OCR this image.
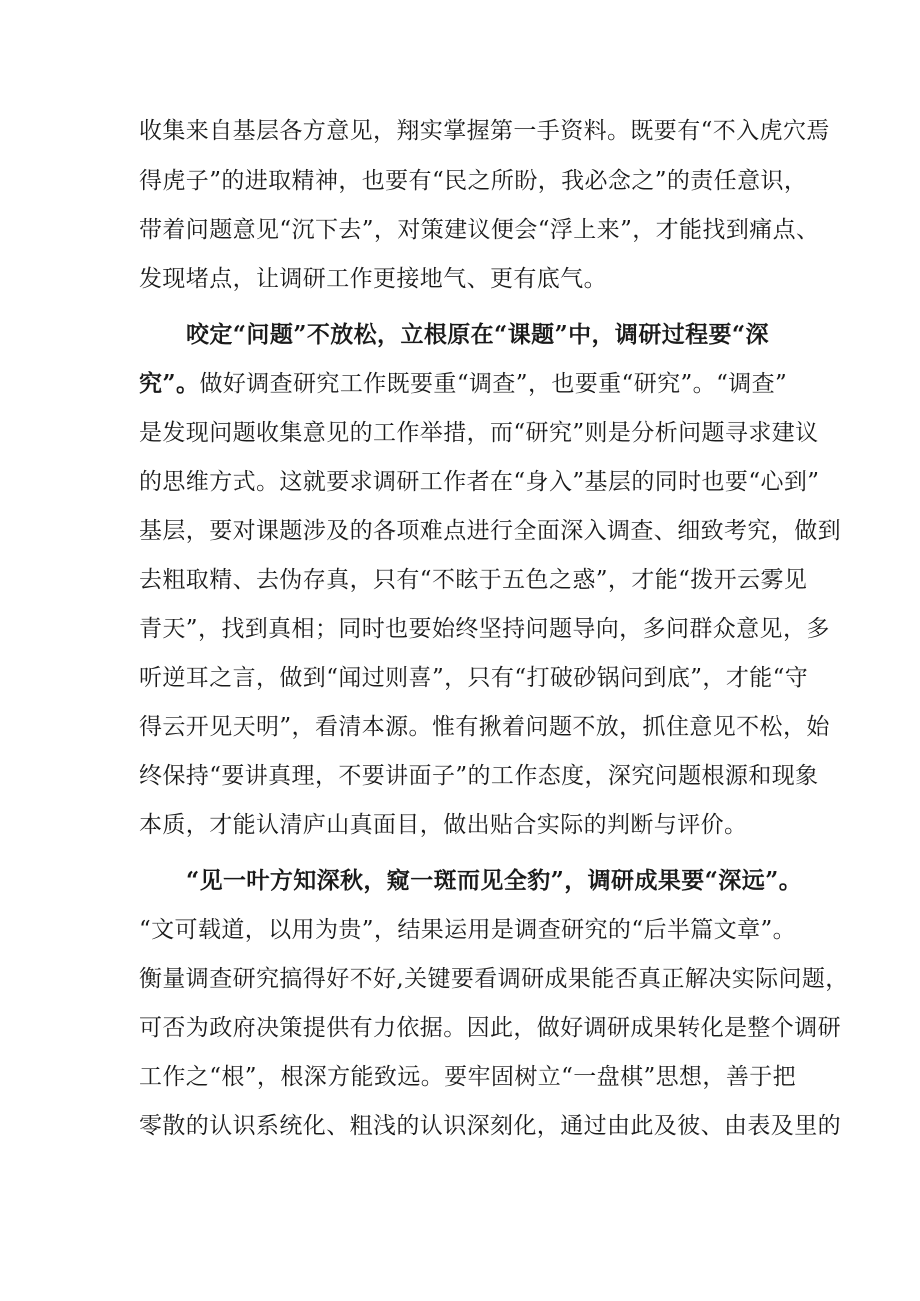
收集来自基层各方意见，翔实掌握第一手资料。既要有“不入虎穴焉
得虎子”的进取精神，也要有“民之所盼，我必念之”的责任意识，
带着问题意见“沉下去”，对策建议便会“浮上来”，才能找到痛点、
发现堵点，让调研工作更接地气、更有底气。
咬定“问题”不放松，立根原在“课题”中，调研过程要“深
究”。做好调查研究工作既要重“调查”，也要重“研究”。“调查”
是发现问题收集意见的工作举措，而“研究”则是分析问题寻求建议
的思维方式。这就要求调研工作者在“身入”基层的同时也要“心到”
基层，要对课题涉及的各项难点进行全面深入调查、细致考究，做到
去粗取精、去伪存真，只有“不眩于五色之惑”，才能“拨开云雾见
青天”，找到真相；同时也要始终坚持问题导向，多问群众意见，多
听逆耳之言，做到“闻过则喜”，只有“打破砂锅问到底”，才能“守
得云开见天明”，看清本源。惟有揪着问题不放，抓住意见不松，始
终保持“要讲真理，不要讲面子”的工作态度，深究问题根源和现象
本质，才能认清庐山真面目，做出贴合实际的判断与评价。
“见一叶方知深秋，窥一斑而见全豹”，调研成果要“深远”。
“文可载道，以用为贵”，结果运用是调查研究的“后半篇文章”。
衡量调查研究搞得好不好,关键要看调研成果能否真正解决实际问题，
可否为政府决策提供有力依据。因此，做好调研成果转化是整个调研
工作之“根”，根深方能致远。要牢固树立“一盘棋”思想，善于把
零散的认识系统化、粗浅的认识深刻化，通过由此及彼、由表及里的
